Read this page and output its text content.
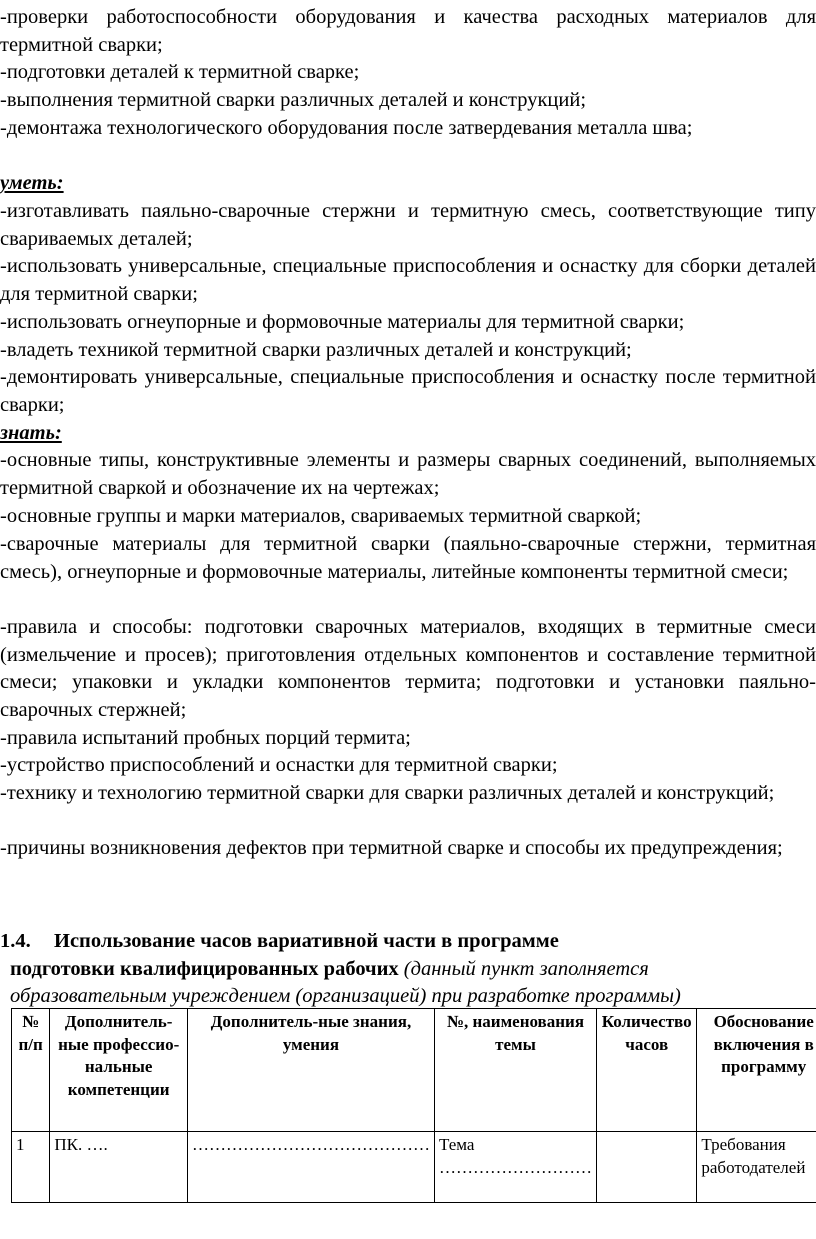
-проверки работоспособности оборудования и качества расходных материалов для термитной сварки;

-подготовки деталей к термитной сварке;

-выполнения термитной сварки различных деталей и конструкций;

-демонтажа технологического оборудования после затвердевания металла шва;

уметь:

-изготавливать паяльно-сварочные стержни и термитную смесь, соответствующие типу свариваемых деталей;

-использовать универсальные, специальные приспособления и оснастку для сборки деталей для термитной сварки;

-использовать огнеупорные и формовочные материалы для термитной сварки;

-владеть техникой термитной сварки различных деталей и конструкций;

-демонтировать универсальные, специальные приспособления и оснастку после термитной сварки;

знать:

-основные типы, конструктивные элементы и размеры сварных соединений, выполняемых термитной сваркой и обозначение их на чертежах;

-основные группы и марки материалов, свариваемых термитной сваркой;

-сварочные материалы для термитной сварки (паяльно-сварочные стержни, термитная смесь), огнеупорные и формовочные материалы, литейные компоненты термитной смеси;

-правила и способы: подготовки сварочных материалов, входящих в термитные смеси (измельчение и просев); приготовления отдельных компонентов и составление термитной смеси; упаковки и укладки компонентов термита; подготовки и установки паяльно-сварочных стержней;

-правила испытаний пробных порций термита;

-устройство приспособлений и оснастки для термитной сварки;

-технику и технологию термитной сварки для сварки различных деталей и конструкций;

-причины возникновения дефектов при термитной сварке и способы их предупреждения;

1.4. Использование часов вариативной части в программе
подготовки квалифицированных рабочих (данный пункт заполняется
образовательным учреждением (организацией) при разработке программы)
№ п/п	Дополнитель-ные профессио-нальные компетенции	Дополнитель-ные знания, умения	№, наименования темы	Количество часов	Обоснование включения в программу
1	ПК. ….	……………………………………	Тема ………………………		Требования работодателей
